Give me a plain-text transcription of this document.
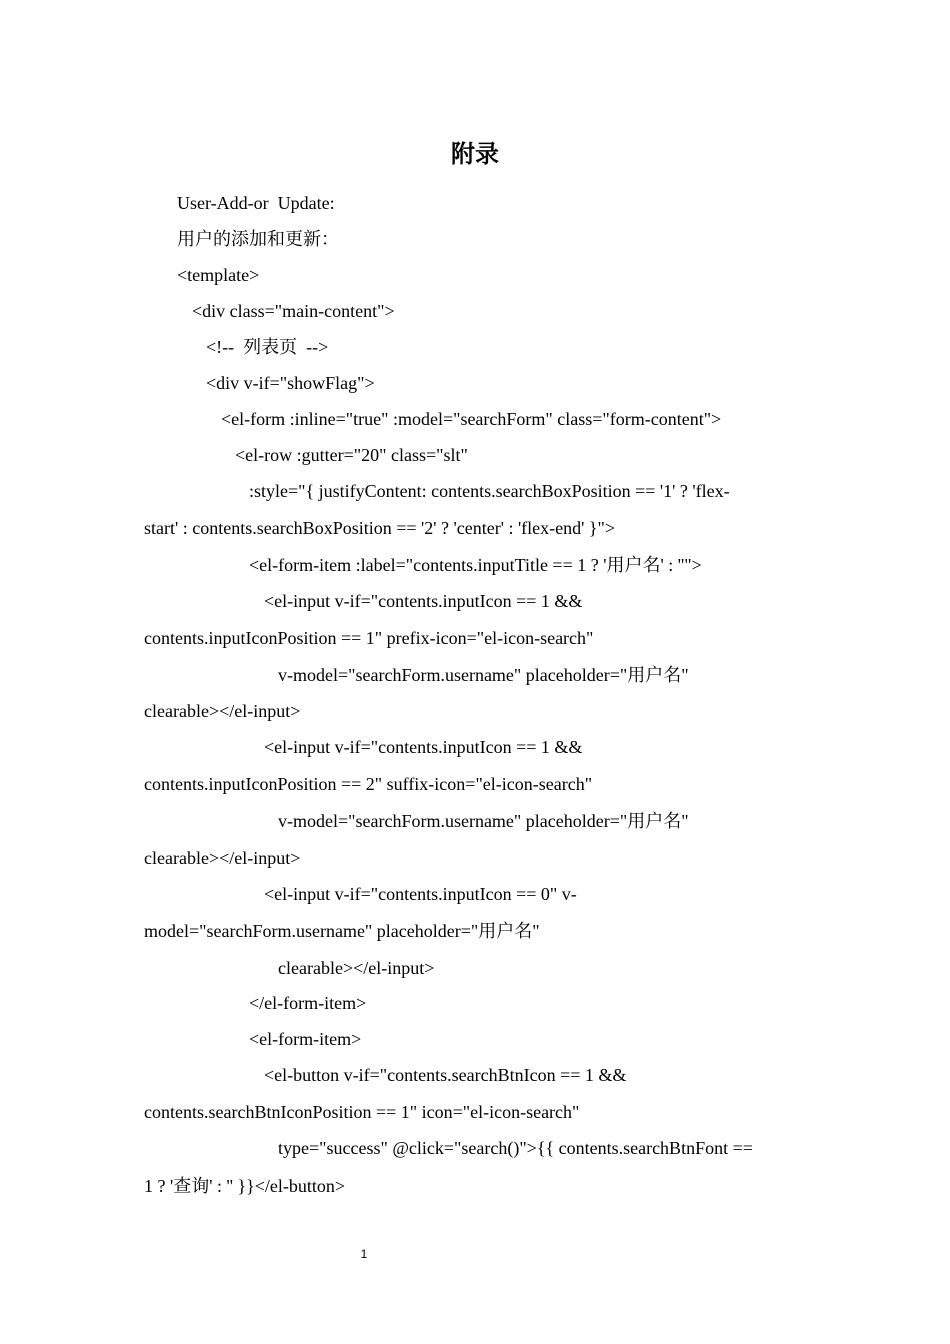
附录
User-Add-or  Update:
用户的添加和更新：
<template>
<div class="main-content">
<!--  列表页  -->
<div v-if="showFlag">
<el-form :inline="true" :model="searchForm" class="form-content">
<el-row :gutter="20" class="slt"
:style="{ justifyContent: contents.searchBoxPosition == '1' ? 'flex-
start' : contents.searchBoxPosition == '2' ? 'center' : 'flex-end' }">
<el-form-item :label="contents.inputTitle == 1 ? '用户名' : ''">
<el-input v-if="contents.inputIcon == 1 &&
contents.inputIconPosition == 1" prefix-icon="el-icon-search"
v-model="searchForm.username" placeholder="用户名"
clearable></el-input>
<el-input v-if="contents.inputIcon == 1 &&
contents.inputIconPosition == 2" suffix-icon="el-icon-search"
v-model="searchForm.username" placeholder="用户名"
clearable></el-input>
<el-input v-if="contents.inputIcon == 0" v-
model="searchForm.username" placeholder="用户名"
clearable></el-input>
</el-form-item>
<el-form-item>
<el-button v-if="contents.searchBtnIcon == 1 &&
contents.searchBtnIconPosition == 1" icon="el-icon-search"
type="success" @click="search()">{{ contents.searchBtnFont ==
1 ? '查询' : '' }}</el-button>
1
